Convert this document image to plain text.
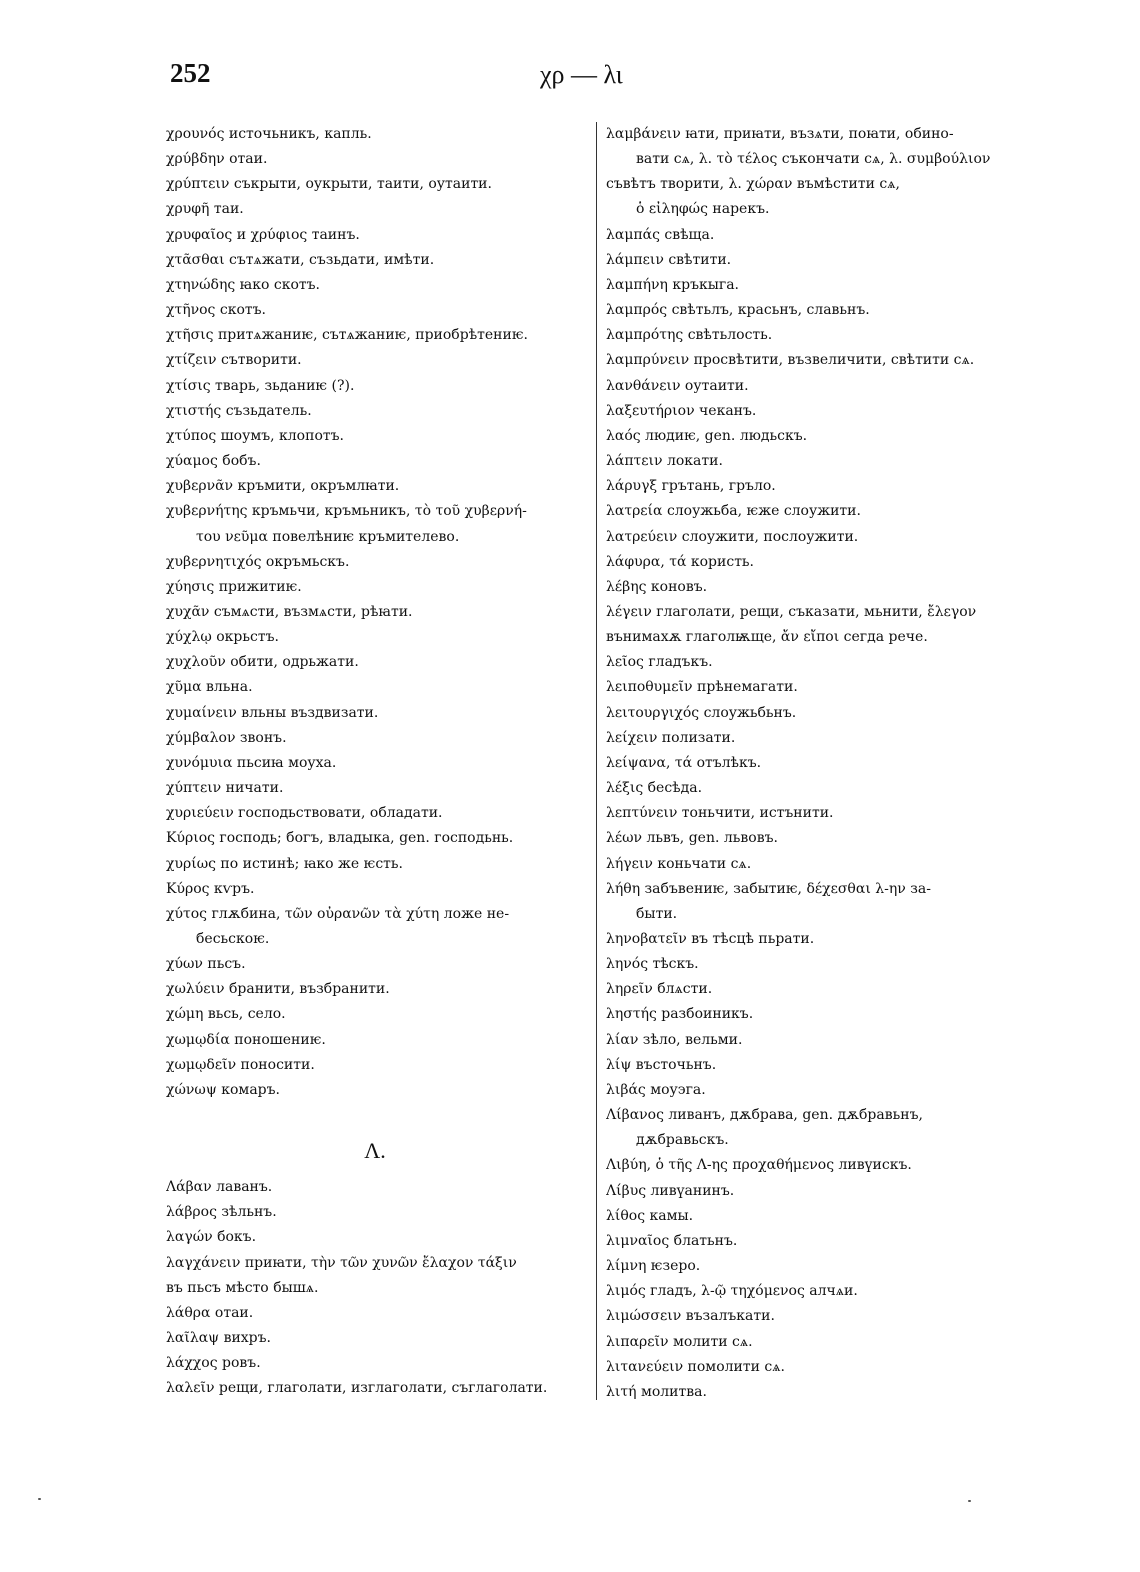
252	χρ — λι
χρουνός источьникъ, капль.
χρύβδην отаи.
χρύπτειν съкрыти, оукрыти, таити, оутаити.
χρυφῆ таи.
χρυφαῖος и χρύφιος таинъ.
χτᾶσθαι сътѧжати, съзьдати, имѣти.
χτηνώδης ꙗко скотъ.
χτῆνος скотъ.
χτῆσις притѧжаниѥ, сътѧжаниѥ, приобрѣтениѥ.
χτίζειν сътворити.
χτίσις тварь, зьданиѥ (?).
χτιστής съзьдатель.
χτύπος шоумъ, клопотъ.
χύαμος бобъ.
χυβερνᾶν кръмити, окръмлꙗти.
χυβερνήτης кръмьчи, кръмьникъ, τὸ τοῦ χυβερνή-
του νεῦμα повелѣниѥ кръмителево.
χυβερνητιχός окръмьскъ.
χύησις прижитиѥ.
χυχᾶν съмѧсти, възмѧсти, рѣꙗти.
χύχλῳ окрьстъ.
χυχλοῦν обити, одрьжати.
χῦμα вльна.
χυμαίνειν вльны въздвизати.
χύμβαλον звонъ.
χυνόμυια пьсиꙗ моуха.
χύπτειν ничати.
χυριεύειν господьствовати, обладати.
Κύριος господь; богъ, владыка, gen. господьнь.
χυρίως по истинѣ; ꙗко же ѥсть.
Κύρος кѵръ.
χύτος глѫбина, τῶν οὐρανῶν τὰ χύτη ложе не-
бесьскоѥ.
χύων пьсъ.
χωλύειν бранити, възбранити.
χώμη вьсь, село.
χωμῳδία поношениѥ.
χωμῳδεῖν поносити.
χώνωψ комаръ.
Λ.
Λάβαν лаванъ.
λάβρος зѣльнъ.
λαγών бокъ.
λαγχάνειν приꙗти, τὴν τῶν χυνῶν ἔλαχον τάξιν
въ пьсъ мѣсто бышѧ.
λάθρα отаи.
λαῖλαψ вихръ.
λάχχος ровъ.
λαλεῖν рещи, глаголати, изглаголати, съглаголати.
λαμβάνειν ꙗти, приꙗти, възѧти, поꙗти, обино-
вати сѧ, λ. τὸ τέλος съкончати сѧ, λ. συμβούλιον
съвѣтъ творити, λ. χώραν въмѣстити сѧ,
ὁ εἰληφώς нарекъ.
λαμπάς свѣща.
λάμπειν свѣтити.
λαμπήνη кръкыга.
λαμπρός свѣтьлъ, красьнъ, славьнъ.
λαμπρότης свѣтьлость.
λαμπρύνειν просвѣтити, възвеличити, свѣтити сѧ.
λανθάνειν оутаити.
λαξευτήριον чеканъ.
λαός людиѥ, gen. людьскъ.
λάπτειν локати.
λάρυγξ грътань, гръло.
λατρεία слоужьба, ѥже слоужити.
λατρεύειν слоужити, послоужити.
λάφυρα, τά користь.
λέβης коновъ.
λέγειν глаголати, рещи, съказати, мьнити, ἔλεγον
вънимахѫ глаголѭще, ἄν εἴποι сегда рече.
λεῖος гладъкъ.
λειποθυμεῖν прѣнемагати.
λειτουργιχός слоужьбьнъ.
λείχειν полизати.
λείψανα, τά отълѣкъ.
λέξις бесѣда.
λεπτύνειν тоньчити, истънити.
λέων львъ, gen. львовъ.
λήγειν коньчати сѧ.
λήθη забъвениѥ, забытиѥ, δέχεσθαι λ-ην за-
быти.
ληνοβατεῖν въ тѣсцѣ пьрати.
ληνός тѣскъ.
ληρεῖν блѧсти.
ληστής разбоиникъ.
λίαν зѣло, вельми.
λίψ въсточьнъ.
λιβάς моуэга.
Λίβανος ливанъ, дѫбрава, gen. дѫбравьнъ,
дѫбравьскъ.
Λιβύη, ὁ τῆς Λ-ης προχαθήμενος ливүискъ.
Λίβυς ливүанинъ.
λίθος камы.
λιμναῖος блатьнъ.
λίμνη ѥзеро.
λιμός гладъ, λ-ῷ τηχόμενος алчѧи.
λιμώσσειν възалъкати.
λιπαρεῖν молити сѧ.
λιτανεύειν помолити сѧ.
λιτή молитва.
